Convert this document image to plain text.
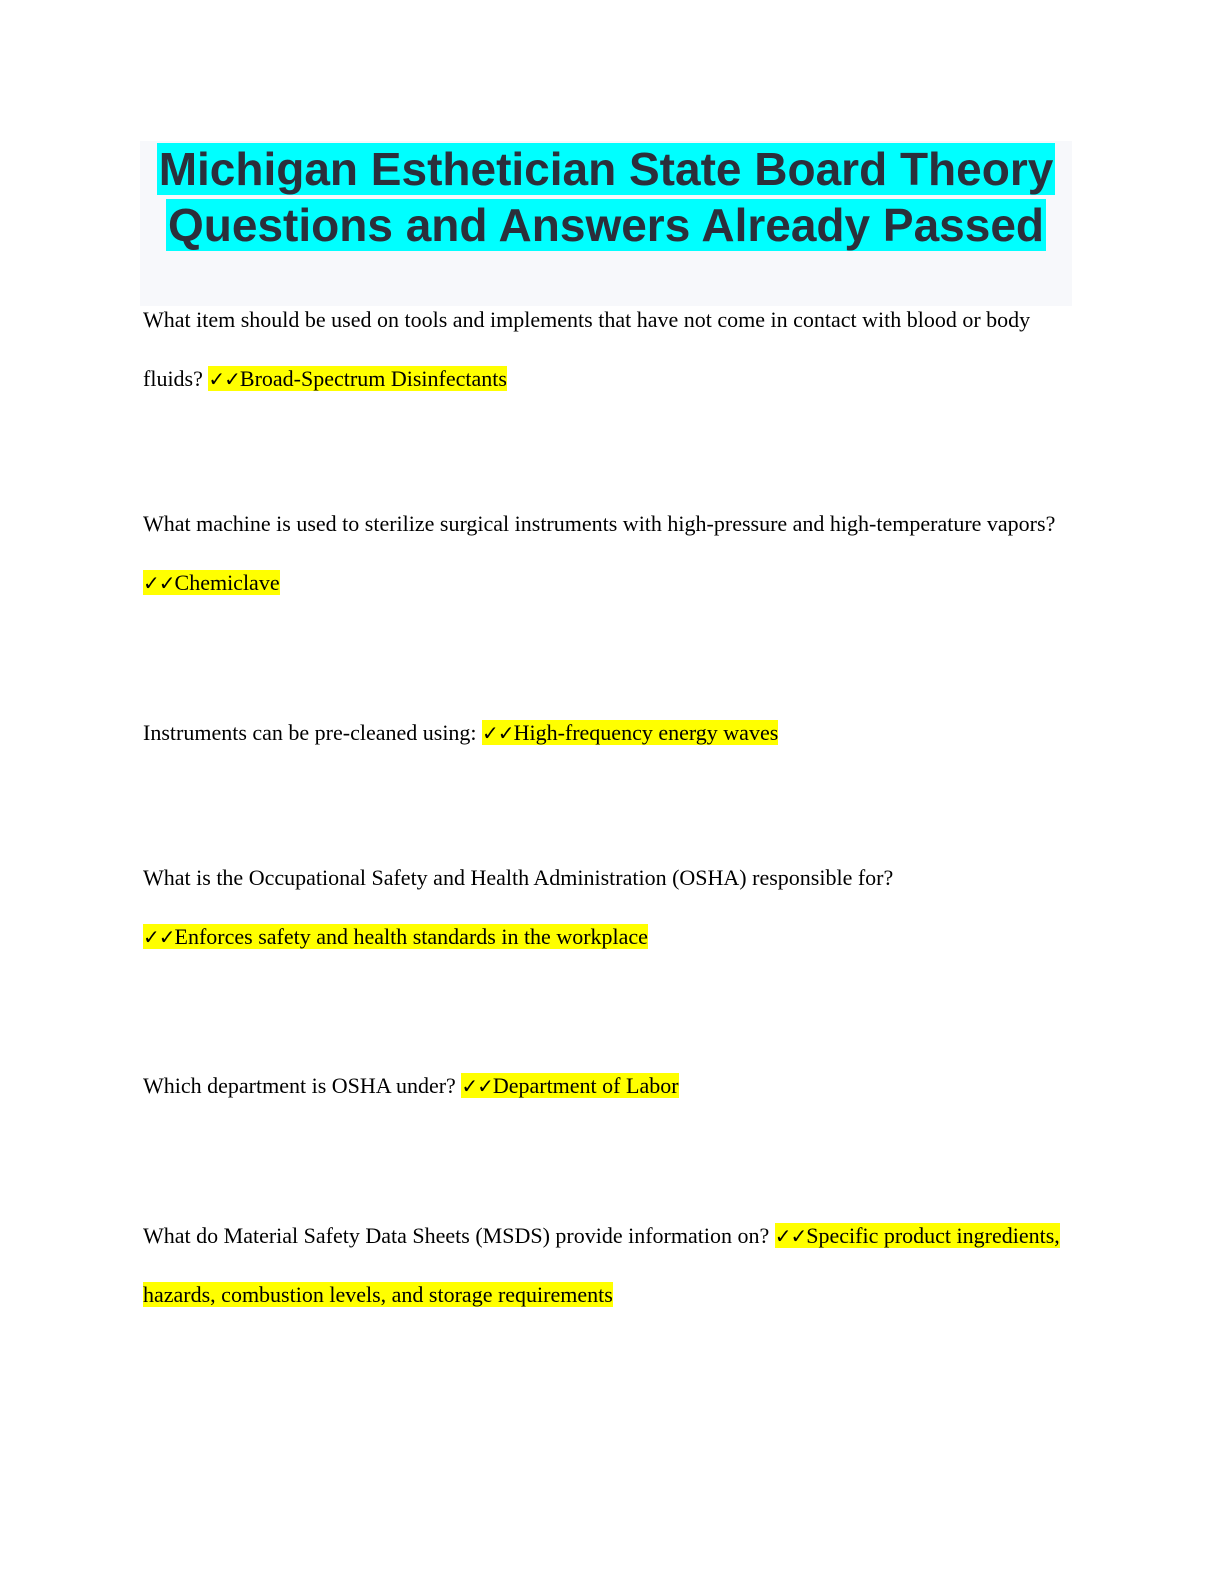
Michigan Esthetician State Board Theory
Questions and Answers Already Passed

What item should be used on tools and implements that have not come in contact with blood or body fluids? ✓✓Broad-Spectrum Disinfectants

What machine is used to sterilize surgical instruments with high-pressure and high-temperature vapors? ✓✓Chemiclave

Instruments can be pre-cleaned using: ✓✓High-frequency energy waves

What is the Occupational Safety and Health Administration (OSHA) responsible for?
✓✓Enforces safety and health standards in the workplace

Which department is OSHA under? ✓✓Department of Labor

What do Material Safety Data Sheets (MSDS) provide information on? ✓✓Specific product ingredients, hazards, combustion levels, and storage requirements
